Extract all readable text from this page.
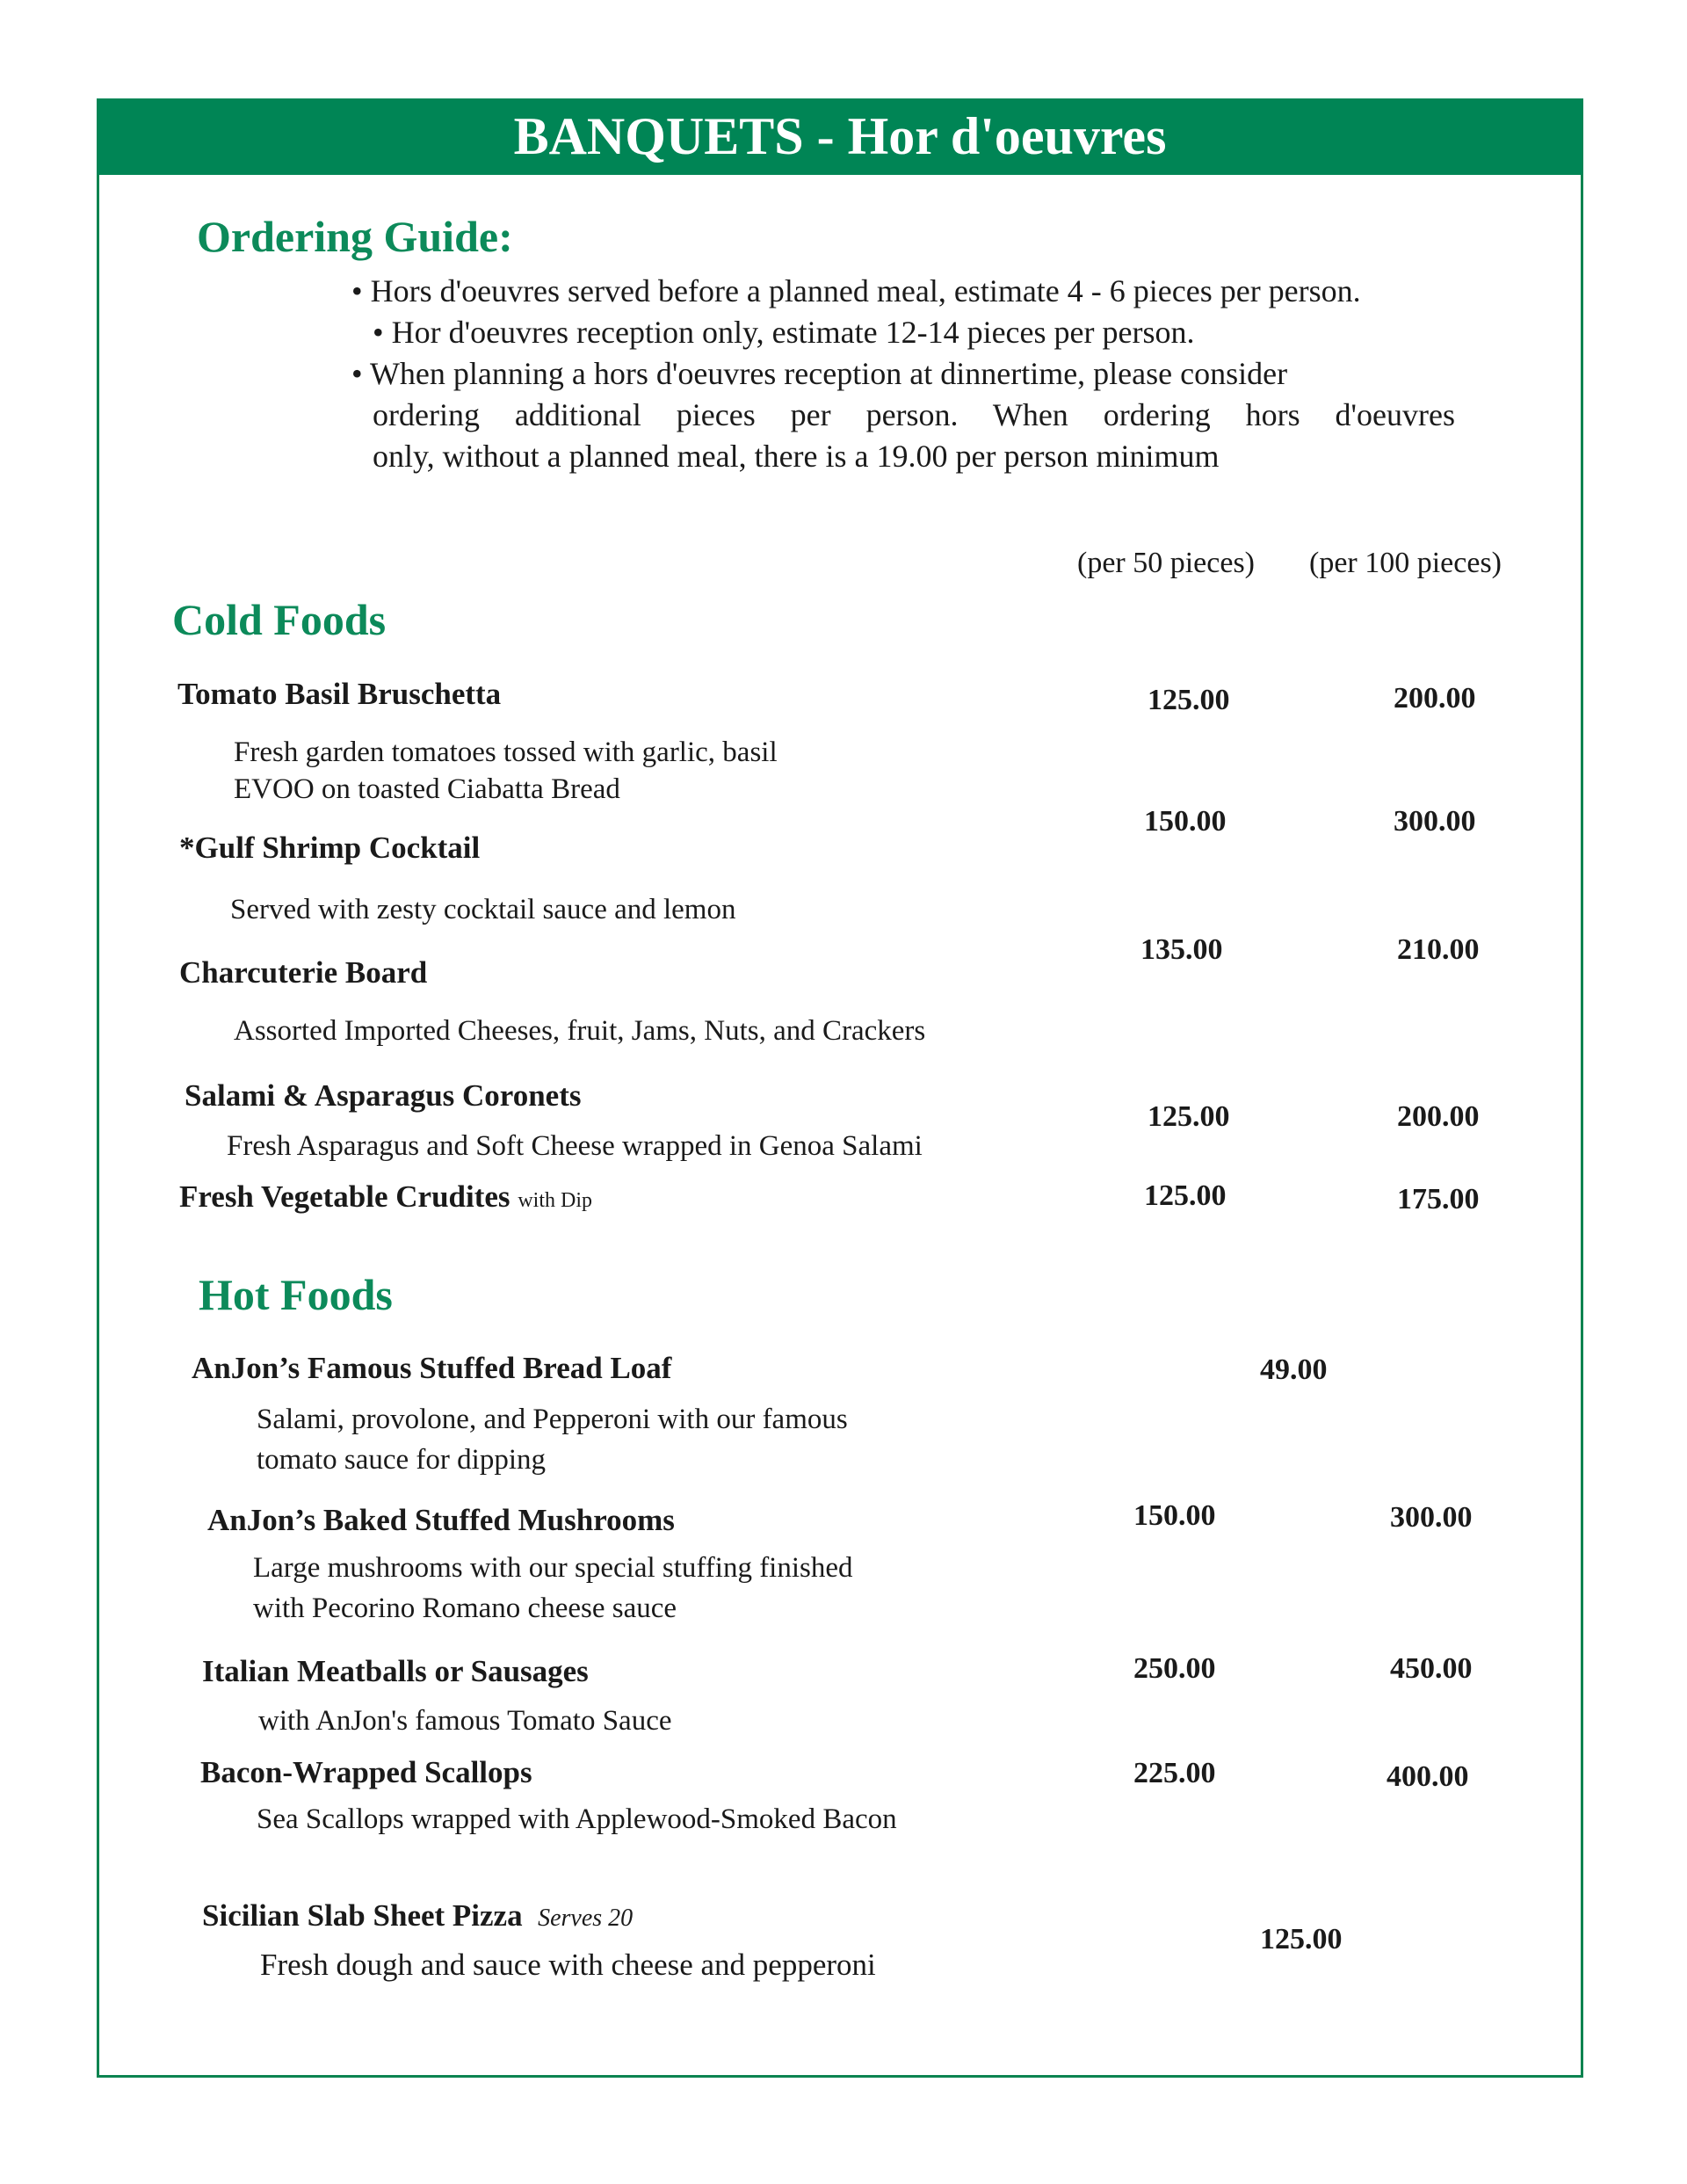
BANQUETS - Hor d'oeuvres
Ordering Guide:
• Hors d'oeuvres served before a planned meal, estimate 4 - 6 pieces per person.
• Hor d'oeuvres reception only, estimate 12-14 pieces per person.
• When planning a hors d'oeuvres reception at dinnertime, please consider
ordering additional pieces per person. When ordering hors d'oeuvres
only, without a planned meal, there is a 19.00 per person minimum
(per 50 pieces) (per 100 pieces)
Cold Foods
Tomato Basil Bruschetta
Fresh garden tomatoes tossed with garlic, basil
EVOO on toasted Ciabatta Bread
125.00	200.00
*Gulf Shrimp Cocktail
Served with zesty cocktail sauce and lemon
150.00	300.00
Charcuterie Board
Assorted Imported Cheeses, fruit, Jams, Nuts, and Crackers
135.00	210.00
Salami & Asparagus Coronets
Fresh Asparagus and Soft Cheese wrapped in Genoa Salami
125.00	200.00
Fresh Vegetable Crudites with Dip	125.00	175.00
Hot Foods
AnJon’s Famous Stuffed Bread Loaf
Salami, provolone, and Pepperoni with our famous
tomato sauce for dipping
49.00
AnJon’s Baked Stuffed Mushrooms
Large mushrooms with our special stuffing finished
with Pecorino Romano cheese sauce
150.00	300.00
Italian Meatballs or Sausages
with AnJon's famous Tomato Sauce
250.00	450.00
Bacon-Wrapped Scallops
Sea Scallops wrapped with Applewood-Smoked Bacon
225.00	400.00
Sicilian Slab Sheet Pizza Serves 20
Fresh dough and sauce with cheese and pepperoni
125.00
